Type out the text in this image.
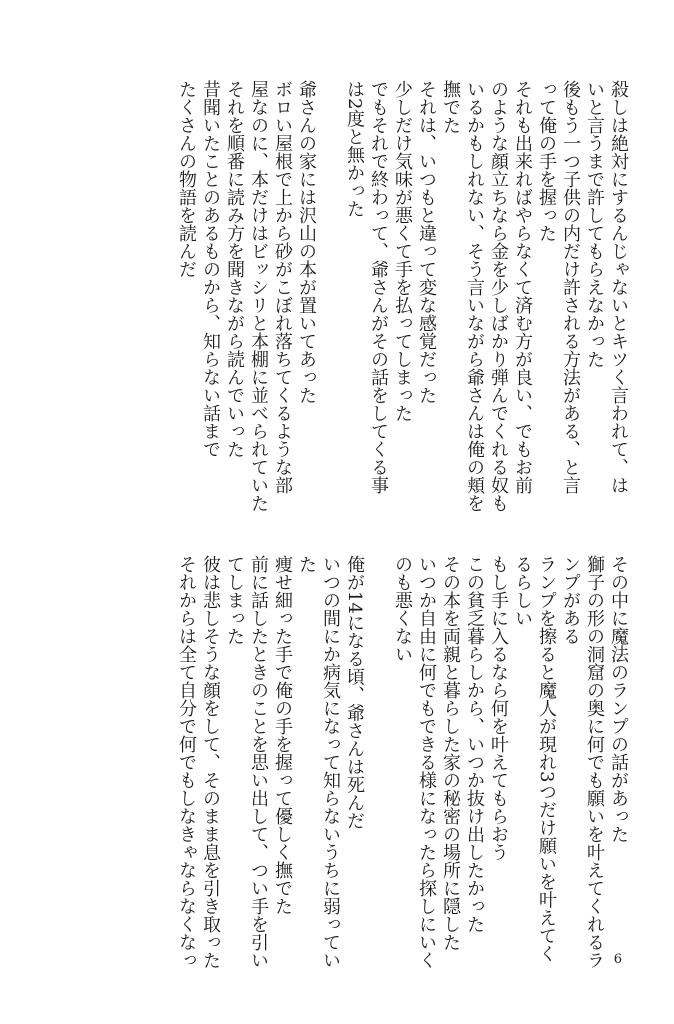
殺しは絶対にするんじゃないとキツく言われて、は
いと言うまで許してもらえなかった
後もう一つ子供の内だけ許される方法がある、と言
って俺の手を握った
それも出来ればやらなくて済む方が良い、でもお前
のような顔立ちなら金を少しばかり弾んでくれる奴も
いるかもしれない、そう言いながら爺さんは俺の頬を
撫でた
それは、いつもと違って変な感覚だった
少しだけ気味が悪くて手を払ってしまった
でもそれで終わって、爺さんがその話をしてくる事
は2度と無かった
爺さんの家には沢山の本が置いてあった
ボロい屋根で上から砂がこぼれ落ちてくるような部
屋なのに、本だけはビッシリと本棚に並べられていた
それを順番に読み方を聞きながら読んでいった
昔聞いたことのあるものから、知らない話まで
たくさんの物語を読んだ
その中に魔法のランプの話があった
獅子の形の洞窟の奥に何でも願いを叶えてくれるラ
ンプがある
ランプを擦ると魔人が現れ3つだけ願いを叶えてく
るらしい
もし手に入るなら何を叶えてもらおう
この貧乏暮らしから、いつか抜け出したかった
その本を両親と暮らした家の秘密の場所に隠した
いつか自由に何でもできる様になったら探しにいく
のも悪くない
俺が14になる頃、爺さんは死んだ
いつの間にか病気になって知らないうちに弱ってい
た
痩せ細った手で俺の手を握って優しく撫でた
前に話したときのことを思い出して、つい手を引い
てしまった
彼は悲しそうな顔をして、そのまま息を引き取った
それからは全て自分で何でもしなきゃならなくなっ	6
